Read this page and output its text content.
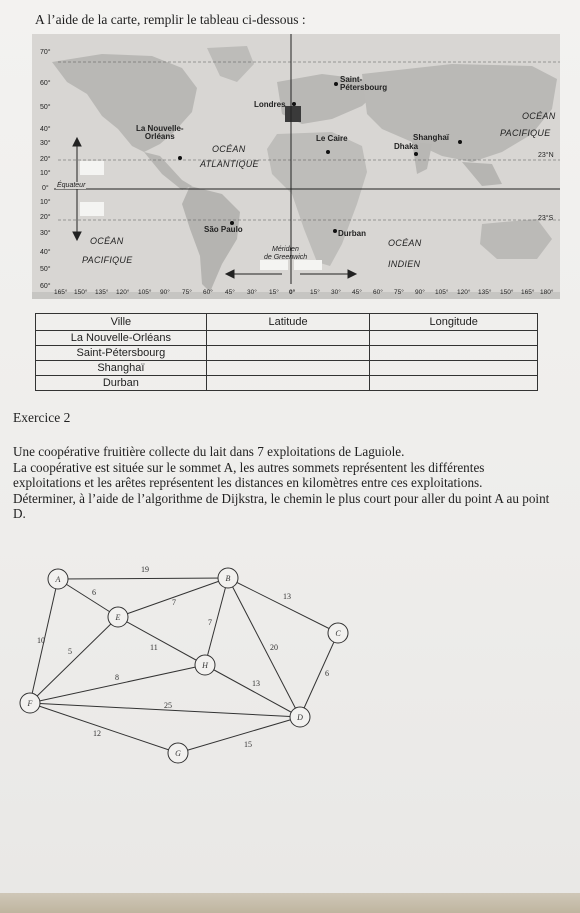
A l’aide de la carte, remplir le tableau ci-dessous :
70°
60°
50°
40°
30°
20°
10°
0°
10°
20°
30°
40°
50°
60°
165° 150° 135° 120° 105° 90° 75° 60° 45° 30° 15° 0° 15° 30° 45° 60° 75° 90° 105° 120° 135° 150° 165° 180°
Saint-
Pétersbourg
Londres
La Nouvelle-
Orléans	Le Caire	Shanghaï
Dhaka
São Paulo	Durban
OCÉAN
ATLANTIQUE
OCÉAN
PACIFIQUE
OCÉAN
PACIFIQUE
OCÉAN
INDIEN
Équateur
23°N
23°S
Méridien
de Greenwich
Ville	Latitude	Longitude
La Nouvelle-Orléans		
Saint-Pétersbourg		
Shanghaï		
Durban		
Exercice 2

Une coopérative fruitière collecte du lait dans 7 exploitations de Laguiole.

La coopérative est située sur le sommet A, les autres sommets représentent les différentes exploitations et les arêtes représentent les distances en kilomètres entre ces exploitations.

Déterminer, à l’aide de l’algorithme de Dijkstra, le chemin le plus court pour aller du point A au point D.

19
6
10
7
7
13
20
5	11
8
13
6
25
12
15
A	B
C
D
E
F
G
H
